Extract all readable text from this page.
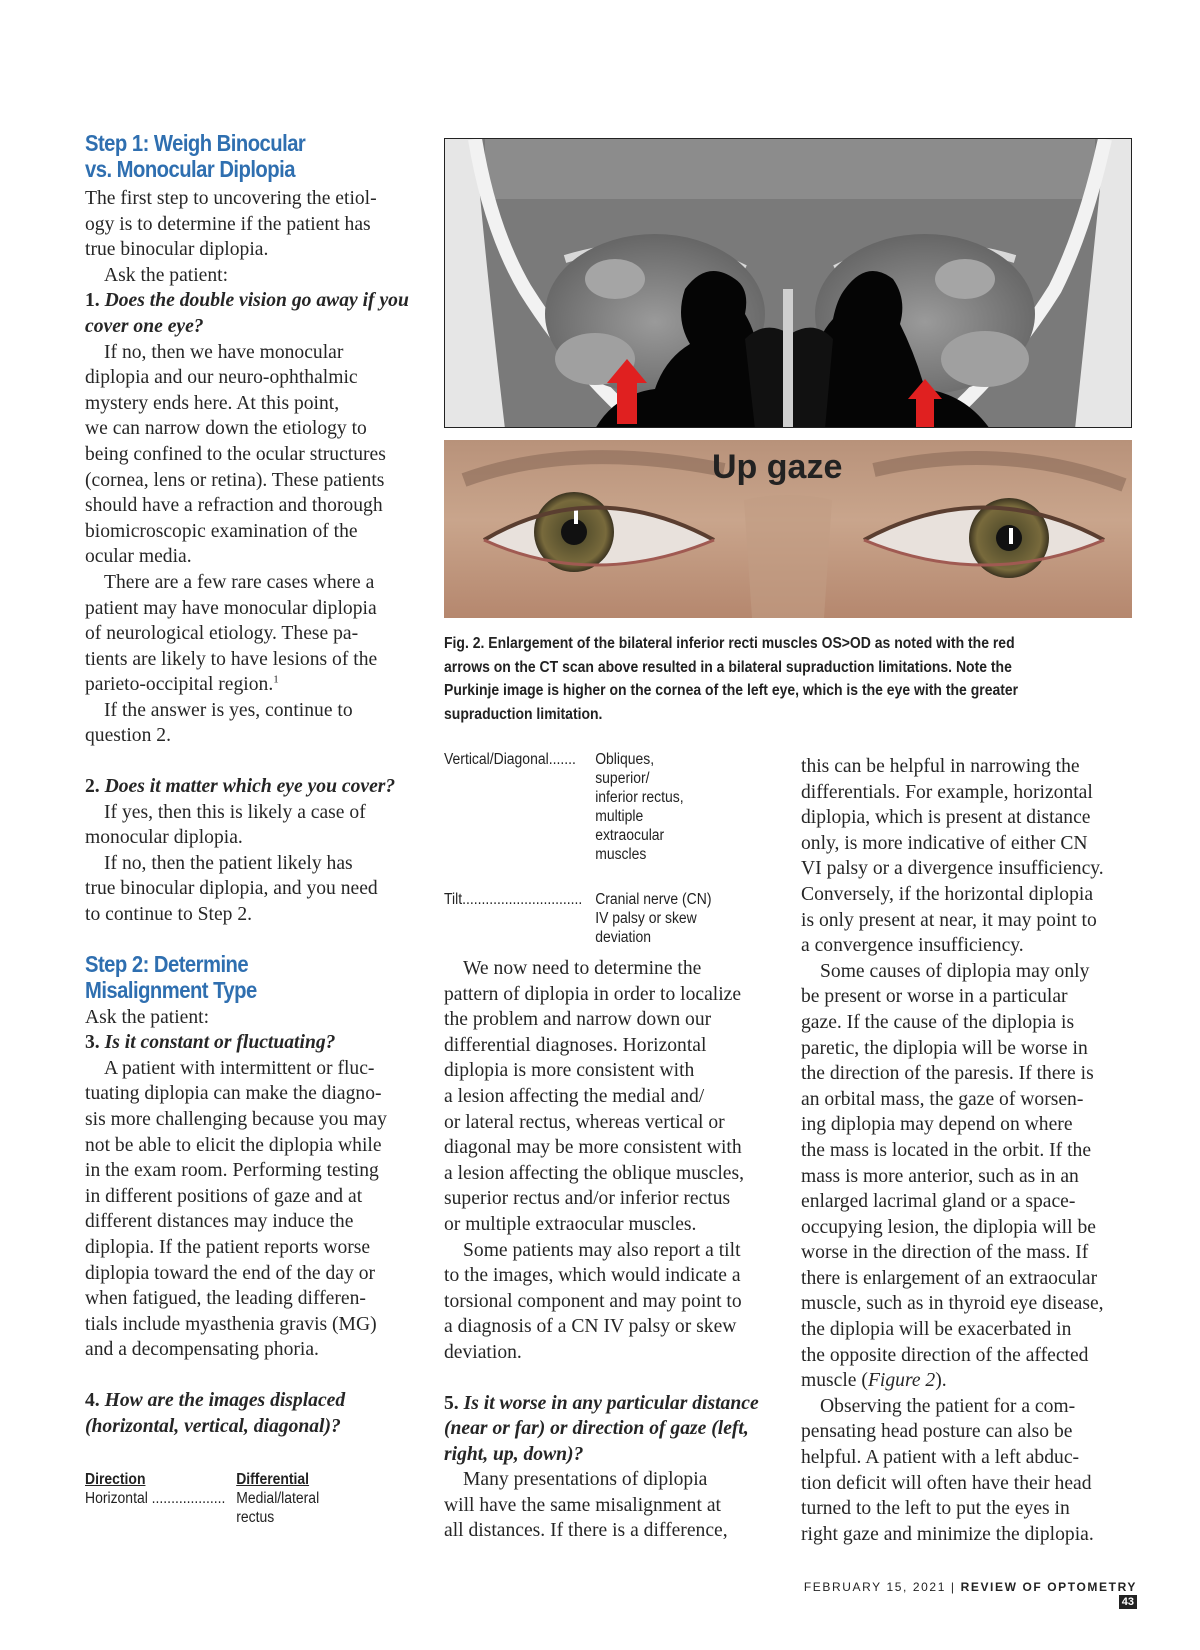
Step 1: Weigh Binocular
vs. Monocular Diplopia
The first step to uncovering the etiol-
ogy is to determine if the patient has
true binocular diplopia.
Ask the patient:
1. Does the double vision go away if you
cover one eye?
If no, then we have monocular
diplopia and our neuro-ophthalmic
mystery ends here. At this point,
we can narrow down the etiology to
being confined to the ocular structures
(cornea, lens or retina). These patients
should have a refraction and thorough
biomicroscopic examination of the
ocular media.
There are a few rare cases where a
patient may have monocular diplopia
of neurological etiology. These pa-
tients are likely to have lesions of the
parieto-occipital region.$^1$
If the answer is yes, continue to
question 2.
2. Does it matter which eye you cover?
If yes, then this is likely a case of
monocular diplopia.
If no, then the patient likely has
true binocular diplopia, and you need
to continue to Step 2.
Step 2: Determine
Misalignment Type
Ask the patient:
3. Is it constant or fluctuating?
A patient with intermittent or fluc-
tuating diplopia can make the diagno-
sis more challenging because you may
not be able to elicit the diplopia while
in the exam room. Performing testing
in different positions of gaze and at
different distances may induce the
diplopia. If the patient reports worse
diplopia toward the end of the day or
when fatigued, the leading differen-
tials include myasthenia gravis (MG)
and a decompensating phoria.
4. How are the images displaced
(horizontal, vertical, diagonal)?
Direction	Differential
Horizontal ................... Medial/lateral
rectus
Vertical/Diagonal....... Obliques,
superior/
inferior rectus,
multiple
extraocular
muscles
Tilt............................... Cranial nerve (CN)
IV palsy or skew
deviation
Up gaze
Fig. 2. Enlargement of the bilateral inferior recti muscles OS>OD as noted with the red
arrows on the CT scan above resulted in a bilateral supraduction limitations. Note the
Purkinje image is higher on the cornea of the left eye, which is the eye with the greater
supraduction limitation.
We now need to determine the
pattern of diplopia in order to localize
the problem and narrow down our
differential diagnoses. Horizontal
diplopia is more consistent with
a lesion affecting the medial and/
or lateral rectus, whereas vertical or
diagonal may be more consistent with
a lesion affecting the oblique muscles,
superior rectus and/or inferior rectus
or multiple extraocular muscles.
Some patients may also report a tilt
to the images, which would indicate a
torsional component and may point to
a diagnosis of a CN IV palsy or skew
deviation.
5. Is it worse in any particular distance
(near or far) or direction of gaze (left,
right, up, down)?
Many presentations of diplopia
will have the same misalignment at
all distances. If there is a difference,
this can be helpful in narrowing the
differentials. For example, horizontal
diplopia, which is present at distance
only, is more indicative of either CN
VI palsy or a divergence insufficiency.
Conversely, if the horizontal diplopia
is only present at near, it may point to
a convergence insufficiency.
Some causes of diplopia may only
be present or worse in a particular
gaze. If the cause of the diplopia is
paretic, the diplopia will be worse in
the direction of the paresis. If there is
an orbital mass, the gaze of worsen-
ing diplopia may depend on where
the mass is located in the orbit. If the
mass is more anterior, such as in an
enlarged lacrimal gland or a space-
occupying lesion, the diplopia will be
worse in the direction of the mass. If
there is enlargement of an extraocular
muscle, such as in thyroid eye disease,
the diplopia will be exacerbated in
the opposite direction of the affected
muscle (Figure 2).
Observing the patient for a com-
pensating head posture can also be
helpful. A patient with a left abduc-
tion deficit will often have their head
turned to the left to put the eyes in
right gaze and minimize the diplopia.
FEBRUARY 15, 2021 | REVIEW OF OPTOMETRY 43
